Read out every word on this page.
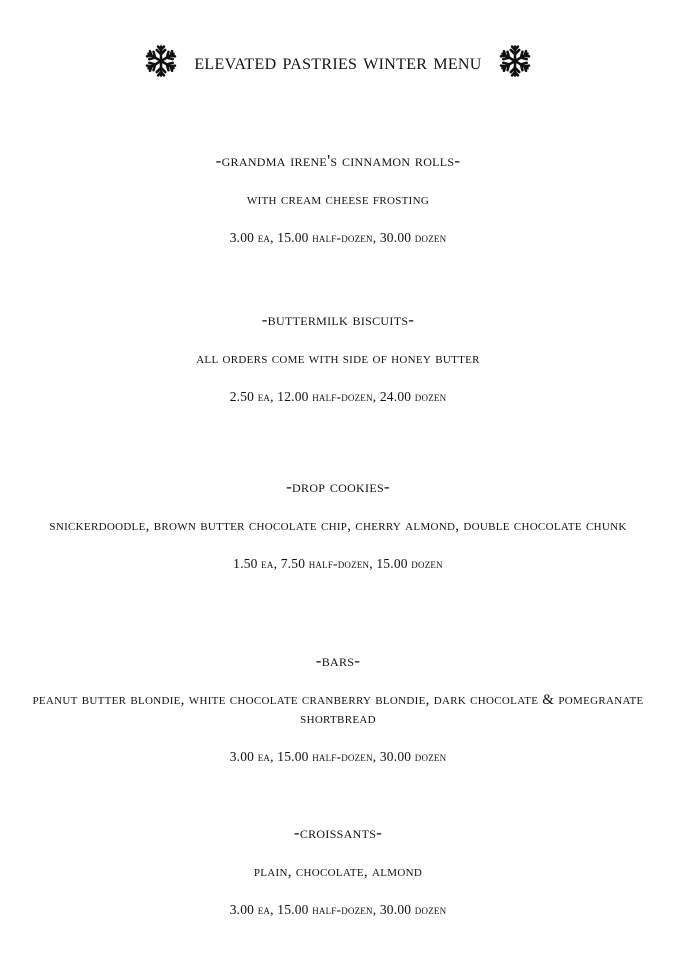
elevated pastries winter menu
-grandma irene's cinnamon rolls-
with cream cheese frosting
3.00 ea, 15.00 half-dozen, 30.00 dozen
-buttermilk biscuits-
all orders come with side of honey butter
2.50 ea, 12.00 half-dozen, 24.00 dozen
-drop cookies-
snickerdoodle, brown butter chocolate chip, cherry almond, double chocolate chunk
1.50 ea, 7.50 half-dozen, 15.00 dozen
-bars-
peanut butter blondie, white chocolate cranberry blondie, dark chocolate & pomegranate shortbread
3.00 ea, 15.00 half-dozen, 30.00 dozen
-croissants-
plain, chocolate, almond
3.00 ea, 15.00 half-dozen, 30.00 dozen
